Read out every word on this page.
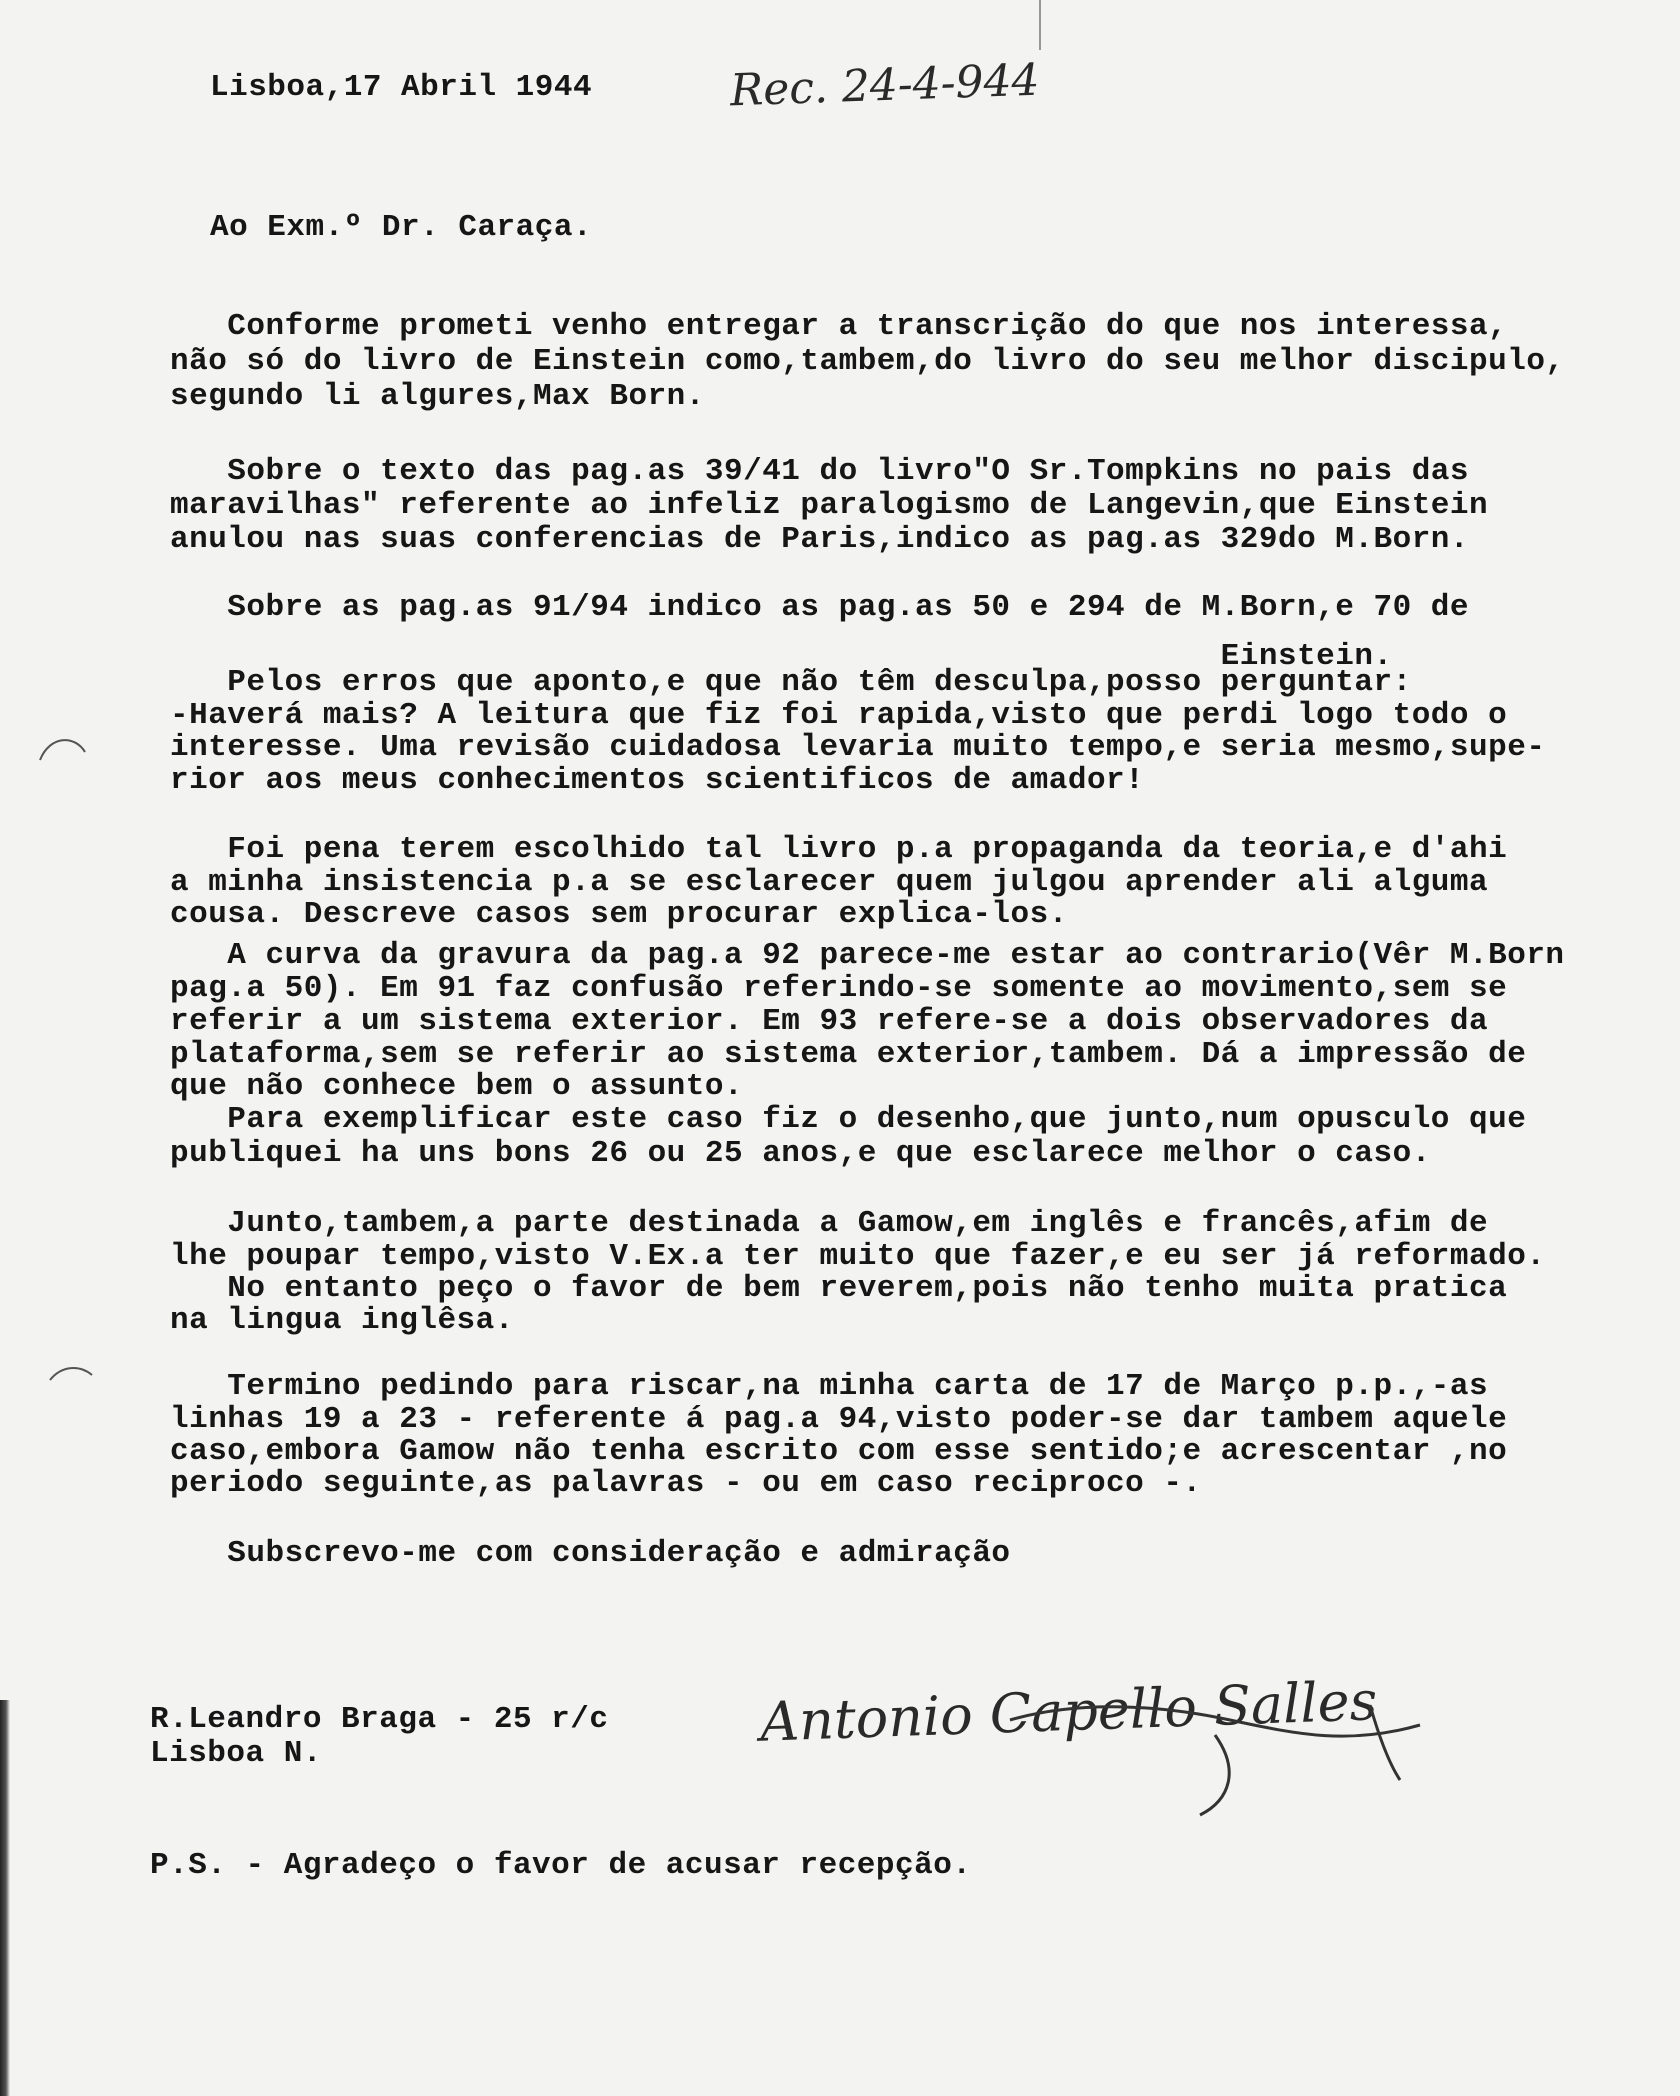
Lisboa,17 Abril 1944	Rec. 24-4-944
Ao Exm.º Dr. Caraça.
Conforme prometi venho entregar a transcrição do que nos interessa,
não só do livro de Einstein como,tambem,do livro do seu melhor discipulo,
segundo li algures,Max Born.
Sobre o texto das pag.as 39/41 do livro"O Sr.Tompkins no pais das
maravilhas" referente ao infeliz paralogismo de Langevin,que Einstein
anulou nas suas conferencias de Paris,indico as pag.as 329do M.Born.
Sobre as pag.as 91/94 indico as pag.as 50 e 294 de M.Born,e 70 de
Einstein.
Pelos erros que aponto,e que não têm desculpa,posso perguntar:
-Haverá mais? A leitura que fiz foi rapida,visto que perdi logo todo o
interesse. Uma revisão cuidadosa levaria muito tempo,e seria mesmo,supe-
rior aos meus conhecimentos scientificos de amador!
Foi pena terem escolhido tal livro p.a propaganda da teoria,e d'ahi
a minha insistencia p.a se esclarecer quem julgou aprender ali alguma
cousa. Descreve casos sem procurar explica-los.
A curva da gravura da pag.a 92 parece-me estar ao contrario(Vêr M.Born
pag.a 50). Em 91 faz confusão referindo-se somente ao movimento,sem se
referir a um sistema exterior. Em 93 refere-se a dois observadores da
plataforma,sem se referir ao sistema exterior,tambem. Dá a impressão de
que não conhece bem o assunto.
Para exemplificar este caso fiz o desenho,que junto,num opusculo que
publiquei ha uns bons 26 ou 25 anos,e que esclarece melhor o caso.
Junto,tambem,a parte destinada a Gamow,em inglês e francês,afim de
lhe poupar tempo,visto V.Ex.a ter muito que fazer,e eu ser já reformado.
No entanto peço o favor de bem reverem,pois não tenho muita pratica
na lingua inglêsa.
Termino pedindo para riscar,na minha carta de 17 de Março p.p.,-as
linhas 19 a 23 - referente á pag.a 94,visto poder-se dar tambem aquele
caso,embora Gamow não tenha escrito com esse sentido;e acrescentar ,no
periodo seguinte,as palavras - ou em caso reciproco -.
Subscrevo-me com consideração e admiração
R.Leandro Braga - 25 r/c
Lisboa N.	Antonio Capello Salles
P.S. - Agradeço o favor de acusar recepção.
